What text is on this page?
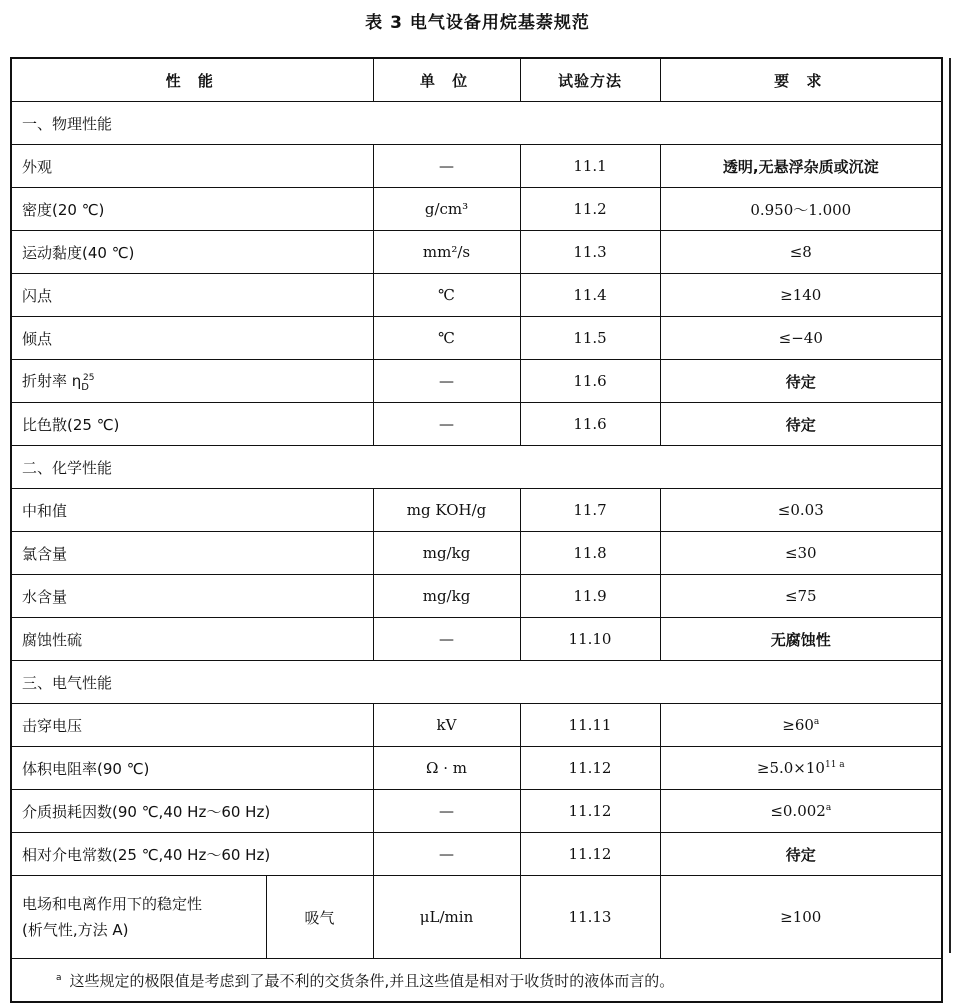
表 3 电气设备用烷基萘规范
性 能		单 位	试验方法	要 求
一、物理性能				
外观		—	11.1	透明,无悬浮杂质或沉淀
密度(20 ℃)		g/cm³	11.2	0.950～1.000
运动黏度(40 ℃)		mm²/s	11.3	≤8
闪点		℃	11.4	≥140
倾点		℃	11.5	≤−40
折射率 $\eta_D^{25}$		—	11.6	待定
比色散(25 ℃)		—	11.6	待定
二、化学性能				
中和值		mg KOH/g	11.7	≤0.03
氯含量		mg/kg	11.8	≤30
水含量		mg/kg	11.9	≤75
腐蚀性硫		—	11.10	无腐蚀性
三、电气性能				
击穿电压		kV	11.11	$\ge 60^a$
体积电阻率(90 ℃)		Ω · m	11.12	$\ge 5.0\times 10^{11 a}$
介质损耗因数(90 ℃,40 Hz～60 Hz)		—	11.12	≤0.002$^a$
相对介电常数(25 ℃,40 Hz～60 Hz)		—	11.12	待定

电场和电离作用下的稳定性
(析气性,方法 A)	吸气	μL/min	11.13	≥100
$^a$ 这些规定的极限值是考虑到了最不利的交货条件,并且这些值是相对于收货时的液体而言的。				
